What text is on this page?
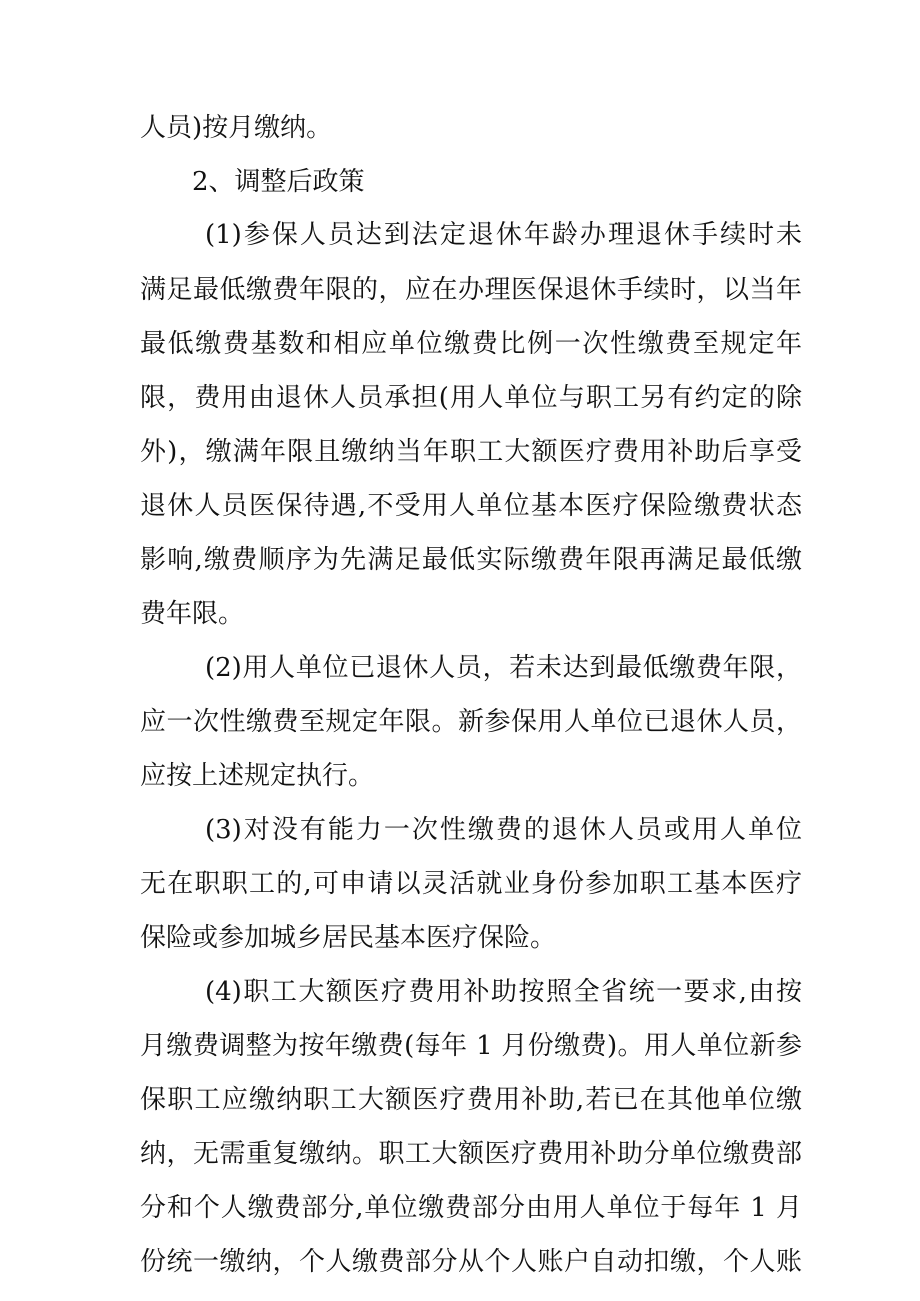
人员)按月缴纳。
2、调整后政策
(1)参保人员达到法定退休年龄办理退休手续时未
满足最低缴费年限的，应在办理医保退休手续时，以当年
最低缴费基数和相应单位缴费比例一次性缴费至规定年
限，费用由退休人员承担(用人单位与职工另有约定的除
外)，缴满年限且缴纳当年职工大额医疗费用补助后享受
退休人员医保待遇,不受用人单位基本医疗保险缴费状态
影响,缴费顺序为先满足最低实际缴费年限再满足最低缴
费年限。
(2)用人单位已退休人员，若未达到最低缴费年限，
应一次性缴费至规定年限。新参保用人单位已退休人员，
应按上述规定执行。
(3)对没有能力一次性缴费的退休人员或用人单位
无在职职工的,可申请以灵活就业身份参加职工基本医疗
保险或参加城乡居民基本医疗保险。
(4)职工大额医疗费用补助按照全省统一要求,由按
月缴费调整为按年缴费(每年 1 月份缴费)。用人单位新参
保职工应缴纳职工大额医疗费用补助,若已在其他单位缴
纳，无需重复缴纳。职工大额医疗费用补助分单位缴费部
分和个人缴费部分,单位缴费部分由用人单位于每年 1 月
份统一缴纳，个人缴费部分从个人账户自动扣缴，个人账
